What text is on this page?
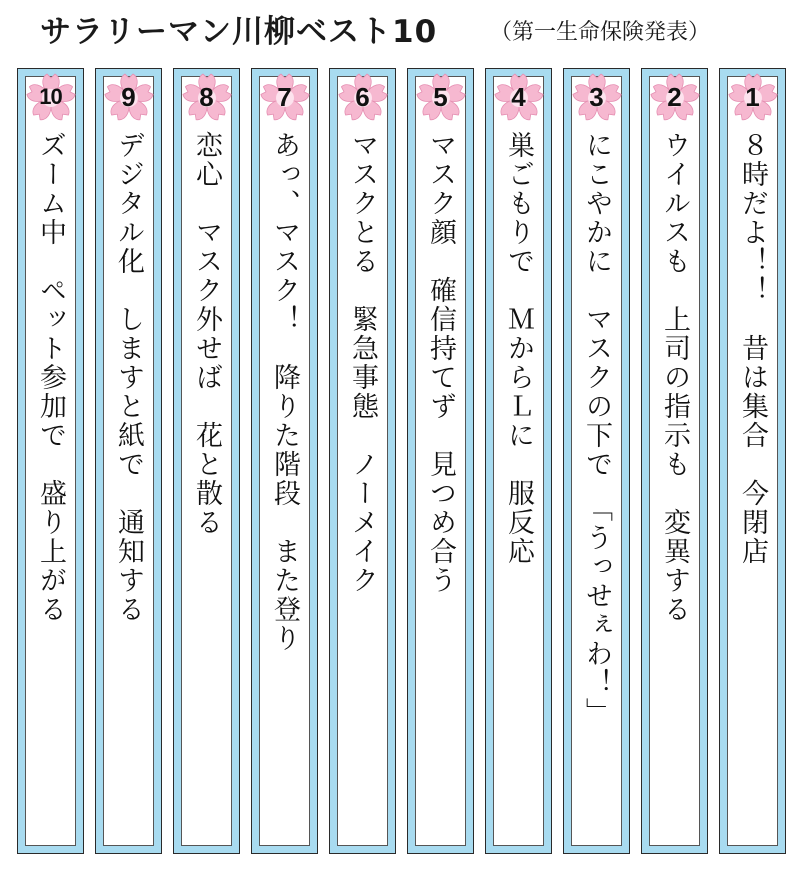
サラリーマン川柳ベスト10 （第一生命保険発表）
10
ズーム中　ペット参加で　盛り上がる
9
デジタル化　しますと紙で　通知する
8
恋心　マスク外せば　花と散る
7
あっ、マスク！　降りた階段　また登り
6
マスクとる　緊急事態　ノーメイク
5
マスク顔　確信持てず　見つめ合う
4
巣ごもりで　ＭからＬに　服反応
3
にこやかに　マスクの下で　「うっせぇわ！」
2
ウイルスも　上司の指示も　変異する
1
８時だよ！！　昔は集合　今閉店
